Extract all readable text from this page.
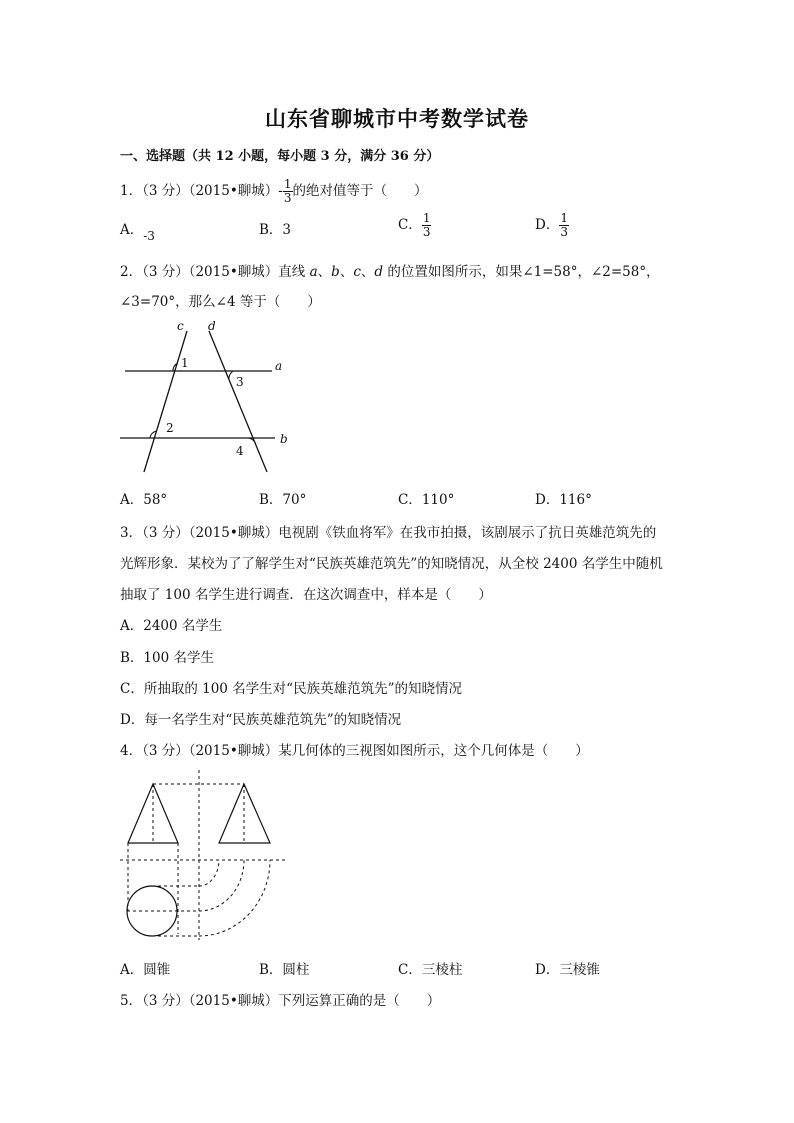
山东省聊城市中考数学试卷
一、选择题（共 12 小题，每小题 3 分，满分 36 分）
1．（3 分）（2015•聊城）- $\frac{1}{3}$ 的绝对值等于（　　）
A．-3	B．3	C． $\frac{1}{3}$	D． $\frac{1}{3}$
2．（3 分）（2015•聊城）直线 a、b、c、d 的位置如图所示，如果∠1=58°，∠2=58°，
∠3=70°，那么∠4 等于（　　）
c d
a
b
1
3
2
4
A．58°	B．70°	C．110°	D．116°
3．（3 分）（2015•聊城）电视剧《铁血将军》在我市拍摄，该剧展示了抗日英雄范筑先的
光辉形象．某校为了了解学生对“民族英雄范筑先”的知晓情况，从全校 2400 名学生中随机
抽取了 100 名学生进行调查．在这次调查中，样本是（　　）
A．2400 名学生
B．100 名学生
C．所抽取的 100 名学生对“民族英雄范筑先”的知晓情况
D．每一名学生对“民族英雄范筑先”的知晓情况
4．（3 分）（2015•聊城）某几何体的三视图如图所示，这个几何体是（　　）
A．圆锥	B．圆柱	C．三棱柱	D．三棱锥
5．（3 分）（2015•聊城）下列运算正确的是（　　）
